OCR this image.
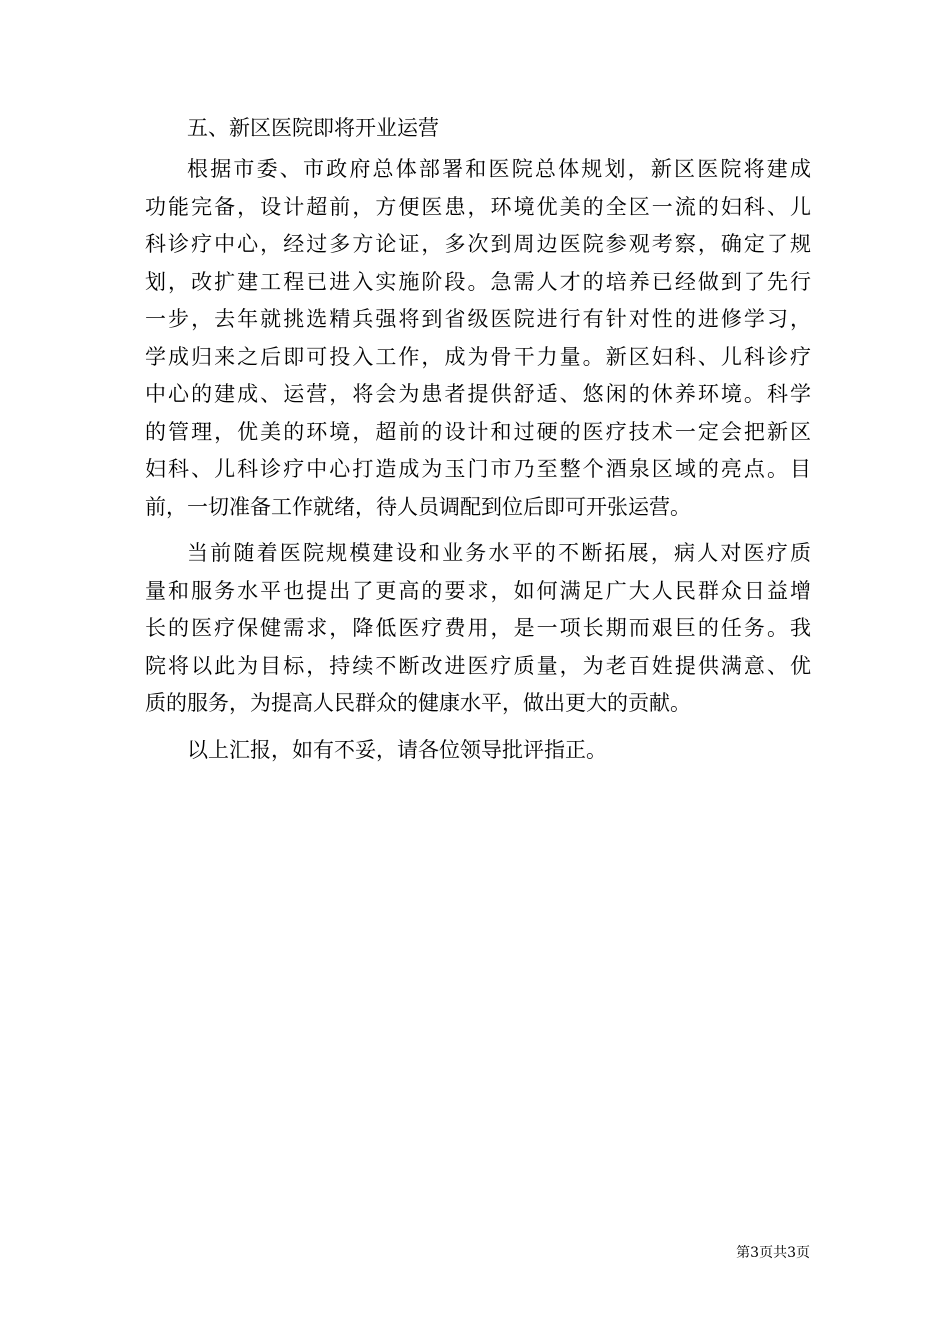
五、新区医院即将开业运营
根据市委、市政府总体部署和医院总体规划，新区医院将建成
功能完备，设计超前，方便医患，环境优美的全区一流的妇科、儿
科诊疗中心，经过多方论证，多次到周边医院参观考察，确定了规
划，改扩建工程已进入实施阶段。急需人才的培养已经做到了先行
一步，去年就挑选精兵强将到省级医院进行有针对性的进修学习，
学成归来之后即可投入工作，成为骨干力量。新区妇科、儿科诊疗
中心的建成、运营，将会为患者提供舒适、悠闲的休养环境。科学
的管理，优美的环境，超前的设计和过硬的医疗技术一定会把新区
妇科、儿科诊疗中心打造成为玉门市乃至整个酒泉区域的亮点。目
前，一切准备工作就绪，待人员调配到位后即可开张运营。
当前随着医院规模建设和业务水平的不断拓展，病人对医疗质
量和服务水平也提出了更高的要求，如何满足广大人民群众日益增
长的医疗保健需求，降低医疗费用，是一项长期而艰巨的任务。我
院将以此为目标，持续不断改进医疗质量，为老百姓提供满意、优
质的服务，为提高人民群众的健康水平，做出更大的贡献。
以上汇报，如有不妥，请各位领导批评指正。
第3页共3页
